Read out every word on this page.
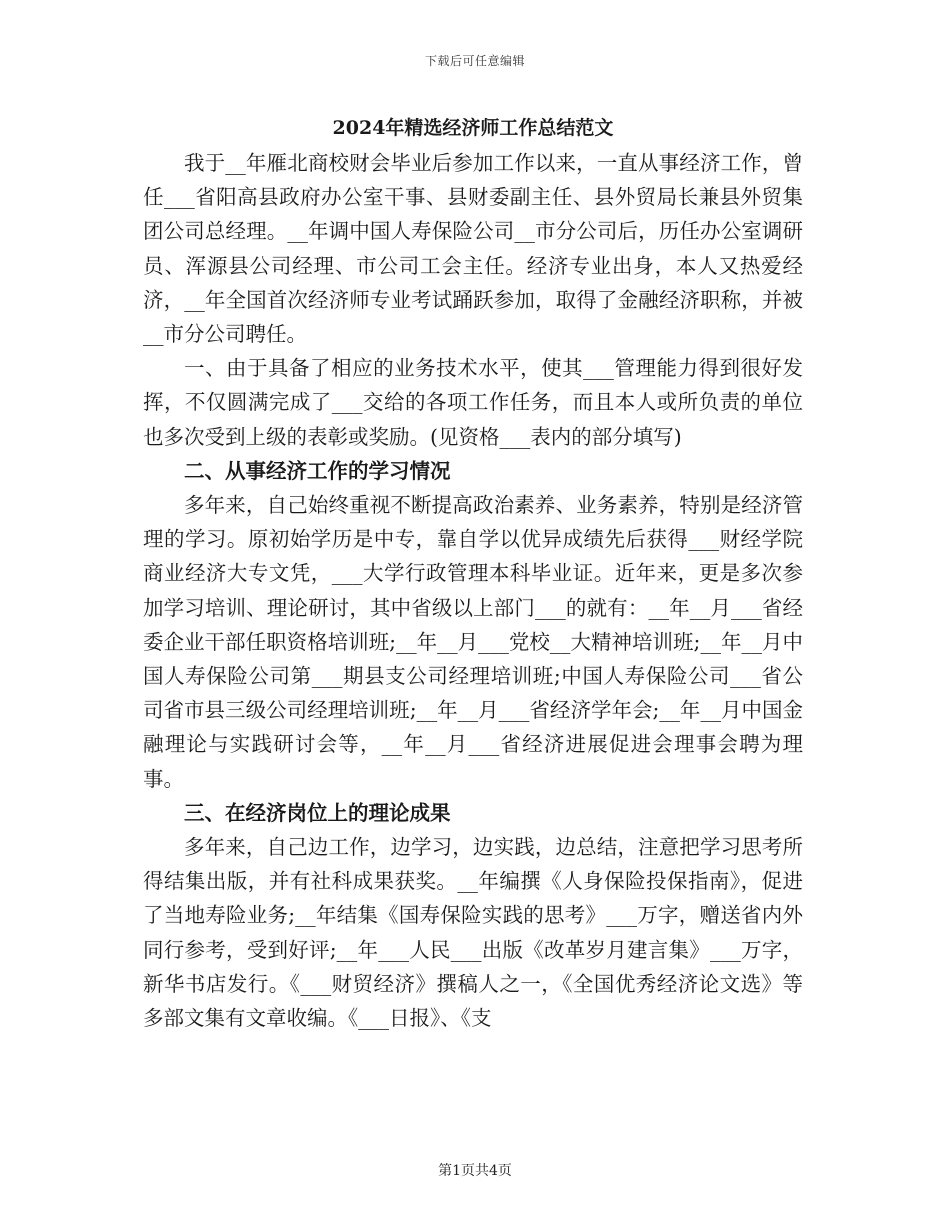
下载后可任意编辑
2024年精选经济师工作总结范文

我于__年雁北商校财会毕业后参加工作以来，一直从事经济工作，曾任___省阳高县政府办公室干事、县财委副主任、县外贸局长兼县外贸集团公司总经理。__年调中国人寿保险公司__市分公司后，历任办公室调研员、浑源县公司经理、市公司工会主任。经济专业出身，本人又热爱经济，__年全国首次经济师专业考试踊跃参加，取得了金融经济职称，并被__市分公司聘任。

一、由于具备了相应的业务技术水平，使其___管理能力得到很好发挥，不仅圆满完成了___交给的各项工作任务，而且本人或所负责的单位也多次受到上级的表彰或奖励。(见资格___表内的部分填写)

二、从事经济工作的学习情况

多年来，自己始终重视不断提高政治素养、业务素养，特别是经济管理的学习。原初始学历是中专，靠自学以优异成绩先后获得___财经学院商业经济大专文凭，___大学行政管理本科毕业证。近年来，更是多次参加学习培训、理论研讨，其中省级以上部门___的就有：__年__月___省经委企业干部任职资格培训班;__年__月___党校__大精神培训班;__年__月中国人寿保险公司第___期县支公司经理培训班;中国人寿保险公司___省公司省市县三级公司经理培训班;__年__月___省经济学年会;__年__月中国金融理论与实践研讨会等，__年__月___省经济进展促进会理事会聘为理事。

三、在经济岗位上的理论成果

多年来，自己边工作，边学习，边实践，边总结，注意把学习思考所得结集出版，并有社科成果获奖。__年编撰《人身保险投保指南》，促进了当地寿险业务;__年结集《国寿保险实践的思考》___万字，赠送省内外同行参考，受到好评;__年___人民___出版《改革岁月建言集》___万字，新华书店发行。《___财贸经济》撰稿人之一，《全国优秀经济论文选》等多部文集有文章收编。《___日报》、《支

第1页共4页
